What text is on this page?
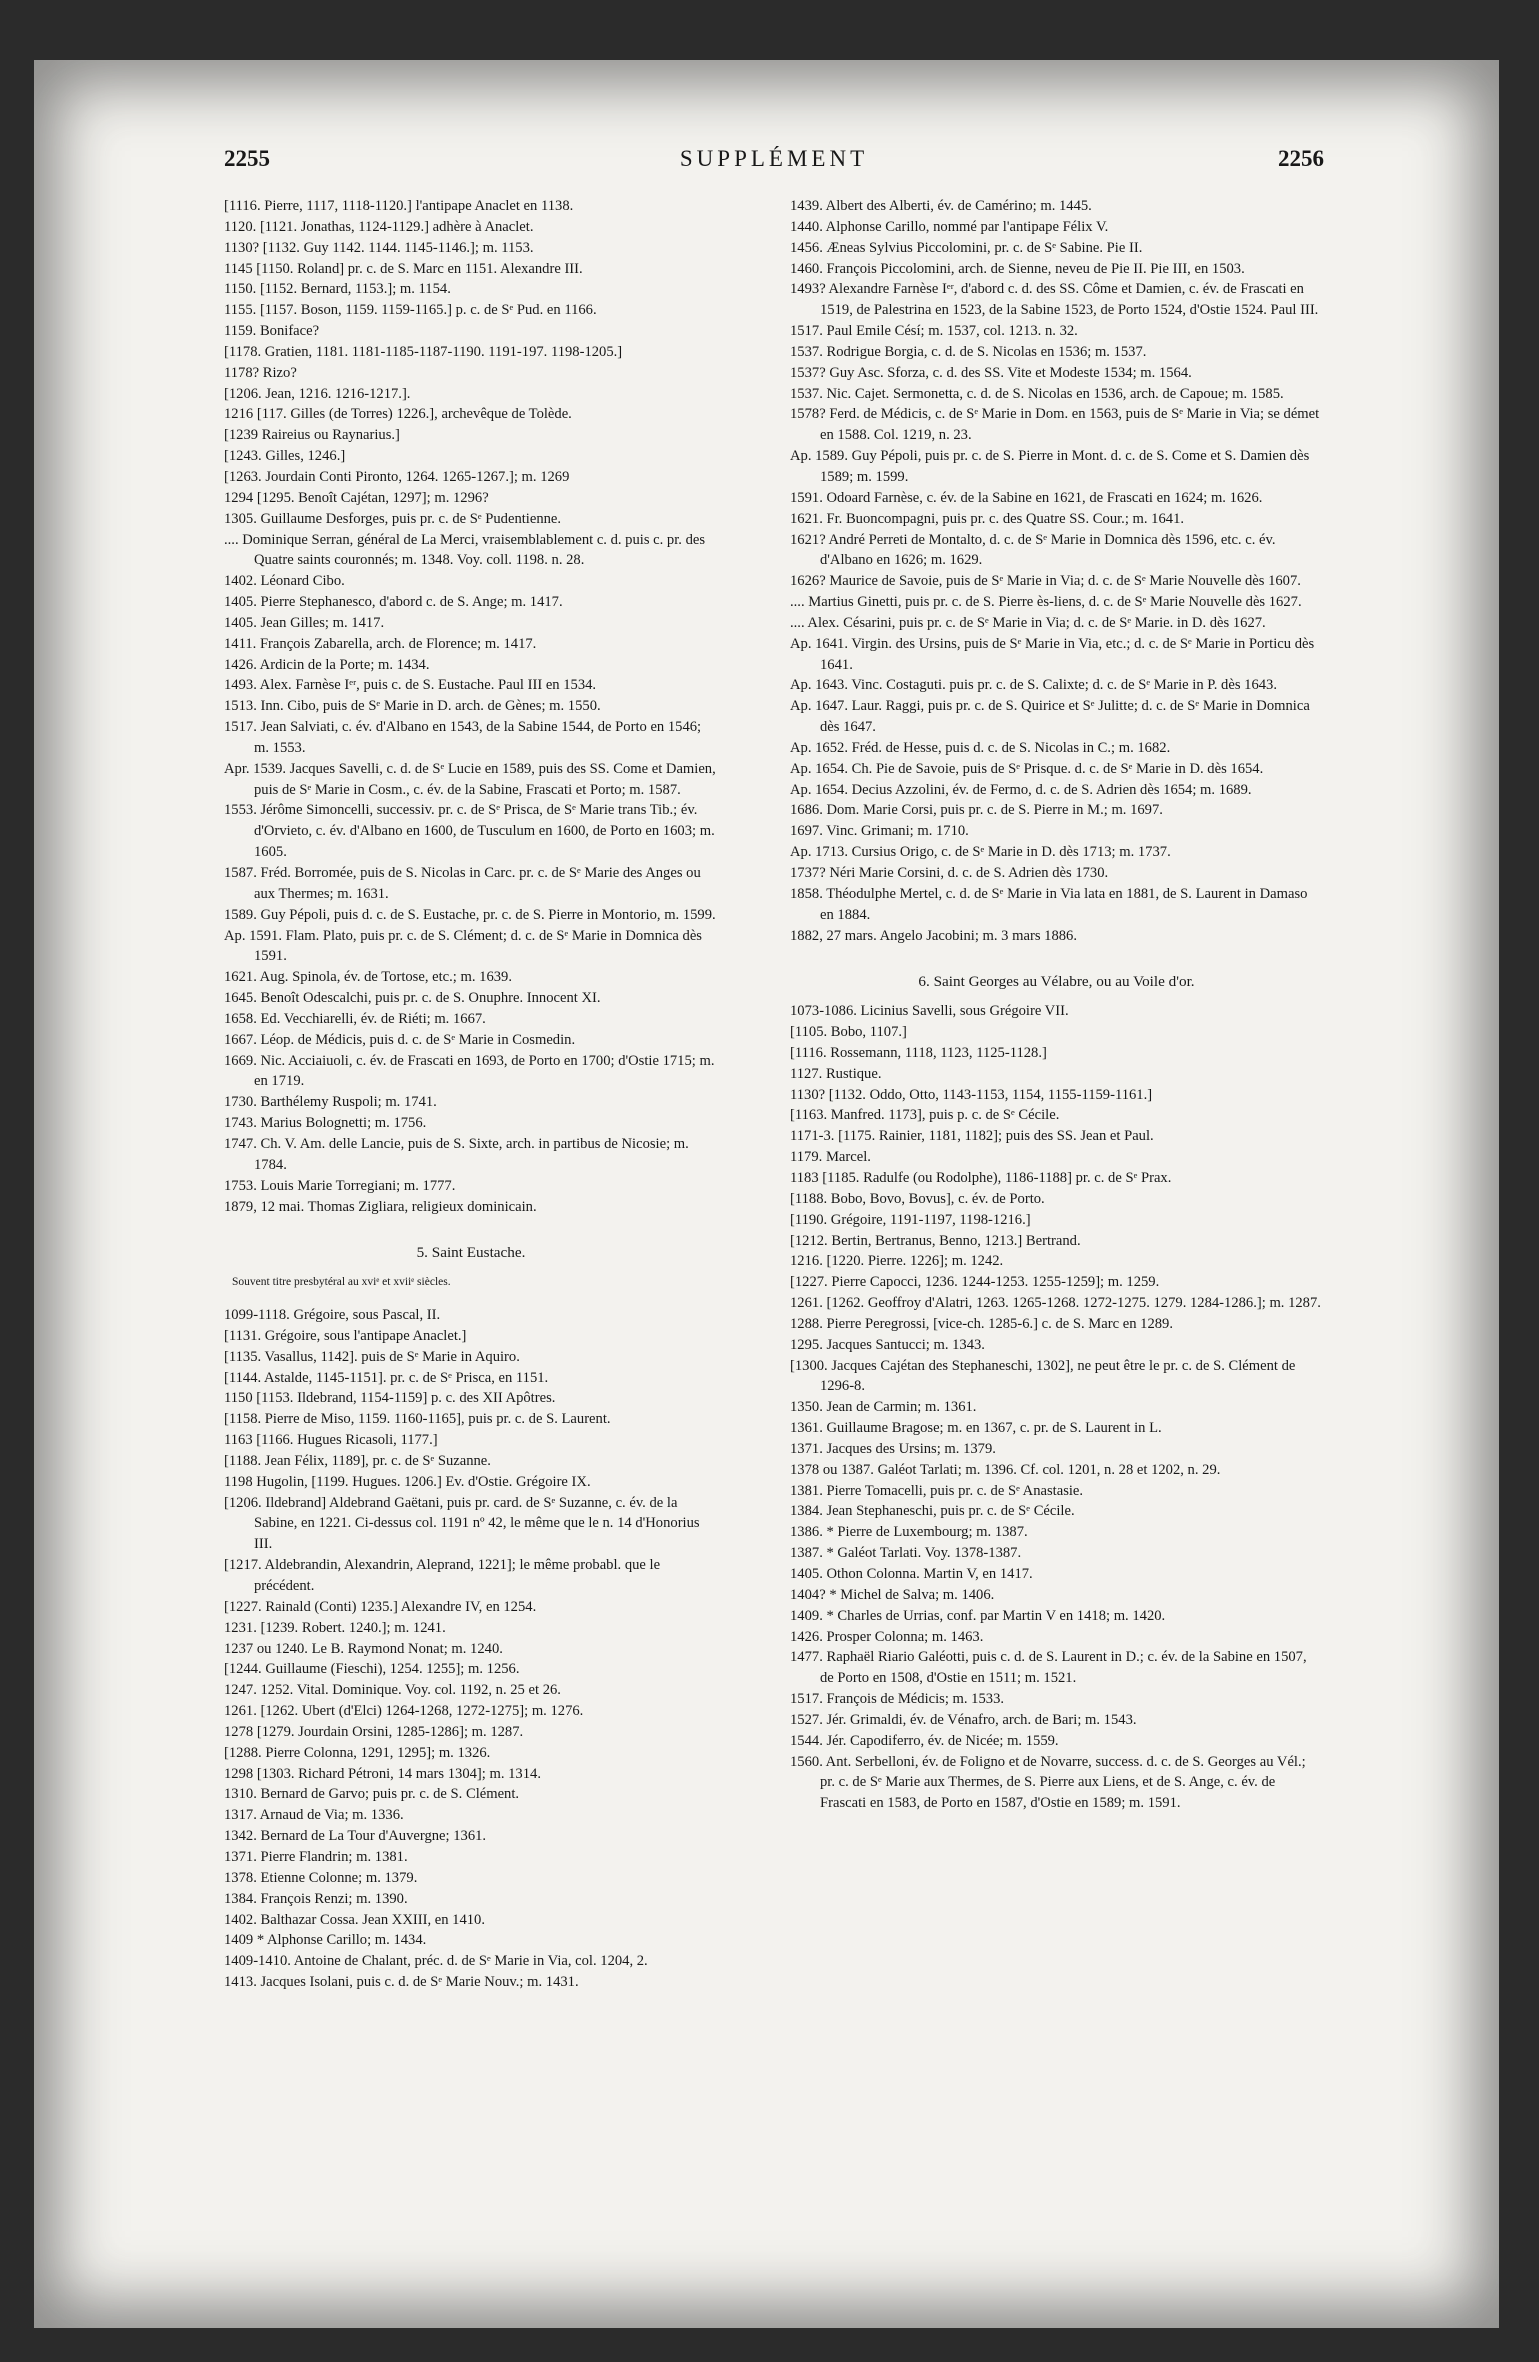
2255	SUPPLÉMENT	2256
[1116. Pierre, 1117, 1118-1120.] l'antipape Anaclet en 1138.
1120. [1121. Jonathas, 1124-1129.] adhère à Anaclet.
1130? [1132. Guy 1142. 1144. 1145-1146.]; m. 1153.
1145 [1150. Roland] pr. c. de S. Marc en 1151. Alexandre III.
1150. [1152. Bernard, 1153.]; m. 1154.
1155. [1157. Boson, 1159. 1159-1165.] p. c. de Sᵉ Pud. en 1166.
1159. Boniface?
[1178. Gratien, 1181. 1181-1185-1187-1190. 1191-197. 1198-1205.]
1178? Rizo?
[1206. Jean, 1216. 1216-1217.].
1216 [117. Gilles (de Torres) 1226.], archevêque de Tolède.
[1239 Raireius ou Raynarius.]
[1243. Gilles, 1246.]
[1263. Jourdain Conti Pironto, 1264. 1265-1267.]; m. 1269
1294 [1295. Benoît Cajétan, 1297]; m. 1296?
1305. Guillaume Desforges, puis pr. c. de Sᵉ Pudentienne.
.... Dominique Serran, général de La Merci, vraisemblablement c. d. puis c. pr. des Quatre saints couronnés; m. 1348. Voy. coll. 1198. n. 28.
1402. Léonard Cibo.
1405. Pierre Stephanesco, d'abord c. de S. Ange; m. 1417.
1405. Jean Gilles; m. 1417.
1411. François Zabarella, arch. de Florence; m. 1417.
1426. Ardicin de la Porte; m. 1434.
1493. Alex. Farnèse Iᵉʳ, puis c. de S. Eustache. Paul III en 1534.
1513. Inn. Cibo, puis de Sᵉ Marie in D. arch. de Gènes; m. 1550.
1517. Jean Salviati, c. év. d'Albano en 1543, de la Sabine 1544, de Porto en 1546; m. 1553.
Apr. 1539. Jacques Savelli, c. d. de Sᵉ Lucie en 1589, puis des SS. Come et Damien, puis de Sᵉ Marie in Cosm., c. év. de la Sabine, Frascati et Porto; m. 1587.
1553. Jérôme Simoncelli, successiv. pr. c. de Sᵉ Prisca, de Sᵉ Marie trans Tib.; év. d'Orvieto, c. év. d'Albano en 1600, de Tusculum en 1600, de Porto en 1603; m. 1605.
1587. Fréd. Borromée, puis de S. Nicolas in Carc. pr. c. de Sᵉ Marie des Anges ou aux Thermes; m. 1631.
1589. Guy Pépoli, puis d. c. de S. Eustache, pr. c. de S. Pierre in Montorio, m. 1599.
Ap. 1591. Flam. Plato, puis pr. c. de S. Clément; d. c. de Sᵉ Marie in Domnica dès 1591.
1621. Aug. Spinola, év. de Tortose, etc.; m. 1639.
1645. Benoît Odescalchi, puis pr. c. de S. Onuphre. Innocent XI.
1658. Ed. Vecchiarelli, év. de Riéti; m. 1667.
1667. Léop. de Médicis, puis d. c. de Sᵉ Marie in Cosmedin.
1669. Nic. Acciaiuoli, c. év. de Frascati en 1693, de Porto en 1700; d'Ostie 1715; m. en 1719.
1730. Barthélemy Ruspoli; m. 1741.
1743. Marius Bolognetti; m. 1756.
1747. Ch. V. Am. delle Lancie, puis de S. Sixte, arch. in partibus de Nicosie; m. 1784.
1753. Louis Marie Torregiani; m. 1777.
1879, 12 mai. Thomas Zigliara, religieux dominicain.
5. Saint Eustache.
Souvent titre presbytéral au xviᵉ et xviiᵉ siècles.
1099-1118. Grégoire, sous Pascal, II.
[1131. Grégoire, sous l'antipape Anaclet.]
[1135. Vasallus, 1142]. puis de Sᵉ Marie in Aquiro.
[1144. Astalde, 1145-1151]. pr. c. de Sᵉ Prisca, en 1151.
1150 [1153. Ildebrand, 1154-1159] p. c. des XII Apôtres.
[1158. Pierre de Miso, 1159. 1160-1165], puis pr. c. de S. Laurent.
1163 [1166. Hugues Ricasoli, 1177.]
[1188. Jean Félix, 1189], pr. c. de Sᵉ Suzanne.
1198 Hugolin, [1199. Hugues. 1206.] Ev. d'Ostie. Grégoire IX.
[1206. Ildebrand] Aldebrand Gaëtani, puis pr. card. de Sᵉ Suzanne, c. év. de la Sabine, en 1221. Ci-dessus col. 1191 nº 42, le même que le n. 14 d'Honorius III.
[1217. Aldebrandin, Alexandrin, Aleprand, 1221]; le même probabl. que le précédent.
[1227. Rainald (Conti) 1235.] Alexandre IV, en 1254.
1231. [1239. Robert. 1240.]; m. 1241.
1237 ou 1240. Le B. Raymond Nonat; m. 1240.
[1244. Guillaume (Fieschi), 1254. 1255]; m. 1256.
1247. 1252. Vital. Dominique. Voy. col. 1192, n. 25 et 26.
1261. [1262. Ubert (d'Elci) 1264-1268, 1272-1275]; m. 1276.
1278 [1279. Jourdain Orsini, 1285-1286]; m. 1287.
[1288. Pierre Colonna, 1291, 1295]; m. 1326.
1298 [1303. Richard Pétroni, 14 mars 1304]; m. 1314.
1310. Bernard de Garvo; puis pr. c. de S. Clément.
1317. Arnaud de Via; m. 1336.
1342. Bernard de La Tour d'Auvergne; 1361.
1371. Pierre Flandrin; m. 1381.
1378. Etienne Colonne; m. 1379.
1384. François Renzi; m. 1390.
1402. Balthazar Cossa. Jean XXIII, en 1410.
1409 * Alphonse Carillo; m. 1434.
1409-1410. Antoine de Chalant, préc. d. de Sᵉ Marie in Via, col. 1204, 2.
1413. Jacques Isolani, puis c. d. de Sᵉ Marie Nouv.; m. 1431.
1439. Albert des Alberti, év. de Camérino; m. 1445.
1440. Alphonse Carillo, nommé par l'antipape Félix V.
1456. Æneas Sylvius Piccolomini, pr. c. de Sᵉ Sabine. Pie II.
1460. François Piccolomini, arch. de Sienne, neveu de Pie II. Pie III, en 1503.
1493? Alexandre Farnèse Iᵉʳ, d'abord c. d. des SS. Côme et Damien, c. év. de Frascati en 1519, de Palestrina en 1523, de la Sabine 1523, de Porto 1524, d'Ostie 1524. Paul III.
1517. Paul Emile Césí; m. 1537, col. 1213. n. 32.
1537. Rodrigue Borgia, c. d. de S. Nicolas en 1536; m. 1537.
1537? Guy Asc. Sforza, c. d. des SS. Vite et Modeste 1534; m. 1564.
1537. Nic. Cajet. Sermonetta, c. d. de S. Nicolas en 1536, arch. de Capoue; m. 1585.
1578? Ferd. de Médicis, c. de Sᵉ Marie in Dom. en 1563, puis de Sᵉ Marie in Via; se démet en 1588. Col. 1219, n. 23.
Ap. 1589. Guy Pépoli, puis pr. c. de S. Pierre in Mont. d. c. de S. Come et S. Damien dès 1589; m. 1599.
1591. Odoard Farnèse, c. év. de la Sabine en 1621, de Frascati en 1624; m. 1626.
1621. Fr. Buoncompagni, puis pr. c. des Quatre SS. Cour.; m. 1641.
1621? André Perreti de Montalto, d. c. de Sᵉ Marie in Domnica dès 1596, etc. c. év. d'Albano en 1626; m. 1629.
1626? Maurice de Savoie, puis de Sᵉ Marie in Via; d. c. de Sᵉ Marie Nouvelle dès 1607.
.... Martius Ginetti, puis pr. c. de S. Pierre ès-liens, d. c. de Sᵉ Marie Nouvelle dès 1627.
.... Alex. Césarini, puis pr. c. de Sᵉ Marie in Via; d. c. de Sᵉ Marie. in D. dès 1627.
Ap. 1641. Virgin. des Ursins, puis de Sᵉ Marie in Via, etc.; d. c. de Sᵉ Marie in Porticu dès 1641.
Ap. 1643. Vinc. Costaguti. puis pr. c. de S. Calixte; d. c. de Sᵉ Marie in P. dès 1643.
Ap. 1647. Laur. Raggi, puis pr. c. de S. Quirice et Sᵉ Julitte; d. c. de Sᵉ Marie in Domnica dès 1647.
Ap. 1652. Fréd. de Hesse, puis d. c. de S. Nicolas in C.; m. 1682.
Ap. 1654. Ch. Pie de Savoie, puis de Sᵉ Prisque. d. c. de Sᵉ Marie in D. dès 1654.
Ap. 1654. Decius Azzolini, év. de Fermo, d. c. de S. Adrien dès 1654; m. 1689.
1686. Dom. Marie Corsi, puis pr. c. de S. Pierre in M.; m. 1697.
1697. Vinc. Grimani; m. 1710.
Ap. 1713. Cursius Origo, c. de Sᵉ Marie in D. dès 1713; m. 1737.
1737? Néri Marie Corsini, d. c. de S. Adrien dès 1730.
1858. Théodulphe Mertel, c. d. de Sᵉ Marie in Via lata en 1881, de S. Laurent in Damaso en 1884.
1882, 27 mars. Angelo Jacobini; m. 3 mars 1886.
6. Saint Georges au Vélabre, ou au Voile d'or.
1073-1086. Licinius Savelli, sous Grégoire VII.
[1105. Bobo, 1107.]
[1116. Rossemann, 1118, 1123, 1125-1128.]
1127. Rustique.
1130? [1132. Oddo, Otto, 1143-1153, 1154, 1155-1159-1161.]
[1163. Manfred. 1173], puis p. c. de Sᵉ Cécile.
1171-3. [1175. Rainier, 1181, 1182]; puis des SS. Jean et Paul.
1179. Marcel.
1183 [1185. Radulfe (ou Rodolphe), 1186-1188] pr. c. de Sᵉ Prax.
[1188. Bobo, Bovo, Bovus], c. év. de Porto.
[1190. Grégoire, 1191-1197, 1198-1216.]
[1212. Bertin, Bertranus, Benno, 1213.] Bertrand.
1216. [1220. Pierre. 1226]; m. 1242.
[1227. Pierre Capocci, 1236. 1244-1253. 1255-1259]; m. 1259.
1261. [1262. Geoffroy d'Alatri, 1263. 1265-1268. 1272-1275. 1279. 1284-1286.]; m. 1287.
1288. Pierre Peregrossi, [vice-ch. 1285-6.] c. de S. Marc en 1289.
1295. Jacques Santucci; m. 1343.
[1300. Jacques Cajétan des Stephaneschi, 1302], ne peut être le pr. c. de S. Clément de 1296-8.
1350. Jean de Carmin; m. 1361.
1361. Guillaume Bragose; m. en 1367, c. pr. de S. Laurent in L.
1371. Jacques des Ursins; m. 1379.
1378 ou 1387. Galéot Tarlati; m. 1396. Cf. col. 1201, n. 28 et 1202, n. 29.
1381. Pierre Tomacelli, puis pr. c. de Sᵉ Anastasie.
1384. Jean Stephaneschi, puis pr. c. de Sᵉ Cécile.
1386. * Pierre de Luxembourg; m. 1387.
1387. * Galéot Tarlati. Voy. 1378-1387.
1405. Othon Colonna. Martin V, en 1417.
1404? * Michel de Salva; m. 1406.
1409. * Charles de Urrias, conf. par Martin V en 1418; m. 1420.
1426. Prosper Colonna; m. 1463.
1477. Raphaël Riario Galéotti, puis c. d. de S. Laurent in D.; c. év. de la Sabine en 1507, de Porto en 1508, d'Ostie en 1511; m. 1521.
1517. François de Médicis; m. 1533.
1527. Jér. Grimaldi, év. de Vénafro, arch. de Bari; m. 1543.
1544. Jér. Capodiferro, év. de Nicée; m. 1559.
1560. Ant. Serbelloni, év. de Foligno et de Novarre, success. d. c. de S. Georges au Vél.; pr. c. de Sᵉ Marie aux Thermes, de S. Pierre aux Liens, et de S. Ange, c. év. de Frascati en 1583, de Porto en 1587, d'Ostie en 1589; m. 1591.
